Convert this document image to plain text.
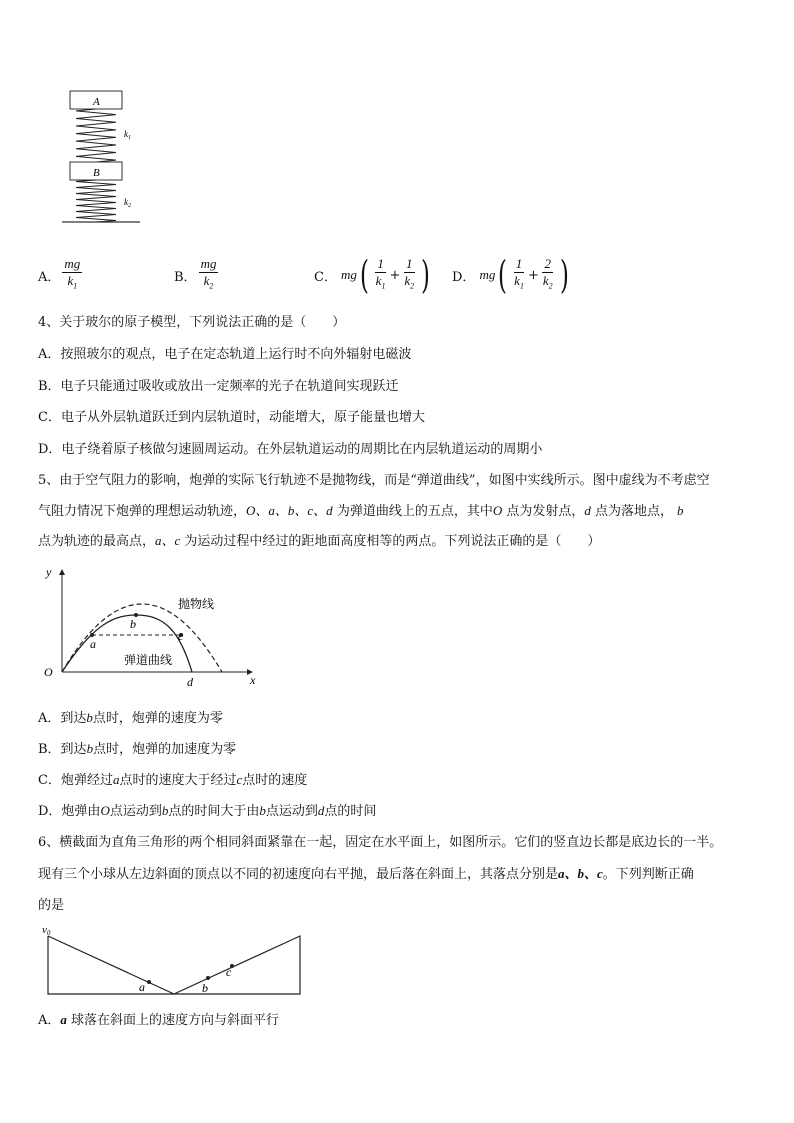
A
$k_1$
B
$k_2$
A． $\frac{mg}{k_1}$	B． $\frac{mg}{k_2}$	C． mg ( $\frac{1}{k_1} + \frac{1}{k_2}$ ) D． mg ( $\frac{1}{k_1} + \frac{2}{k_2}$ )
4、关于玻尔的原子模型，下列说法正确的是（　　）
A．按照玻尔的观点，电子在定态轨道上运行时不向外辐射电磁波
B．电子只能通过吸收或放出一定频率的光子在轨道间实现跃迁
C．电子从外层轨道跃迁到内层轨道时，动能增大，原子能量也增大
D．电子绕着原子核做匀速圆周运动。在外层轨道运动的周期比在内层轨道运动的周期小
5、由于空气阻力的影响，炮弹的实际飞行轨迹不是抛物线，而是“弹道曲线”，如图中实线所示。图中虚线为不考虑空
气阻力情况下炮弹的理想运动轨迹，O、a、b、c、d 为弹道曲线上的五点，其中O 点为发射点，d 点为落地点， b
点为轨迹的最高点，a、c 为运动过程中经过的距地面高度相等的两点。下列说法正确的是（　　）
y
x
O
a
b
c
d
抛物线
弹道曲线
A．到达b点时，炮弹的速度为零
B．到达b点时，炮弹的加速度为零
C．炮弹经过a点时的速度大于经过c点时的速度
D．炮弹由O点运动到b点的时间大于由b点运动到d点的时间
6、横截面为直角三角形的两个相同斜面紧靠在一起，固定在水平面上，如图所示。它们的竖直边长都是底边长的一半。
现有三个小球从左边斜面的顶点以不同的初速度向右平抛，最后落在斜面上，其落点分别是a、b、c。下列判断正确
的是
v0
a	b
c
A．a 球落在斜面上的速度方向与斜面平行
